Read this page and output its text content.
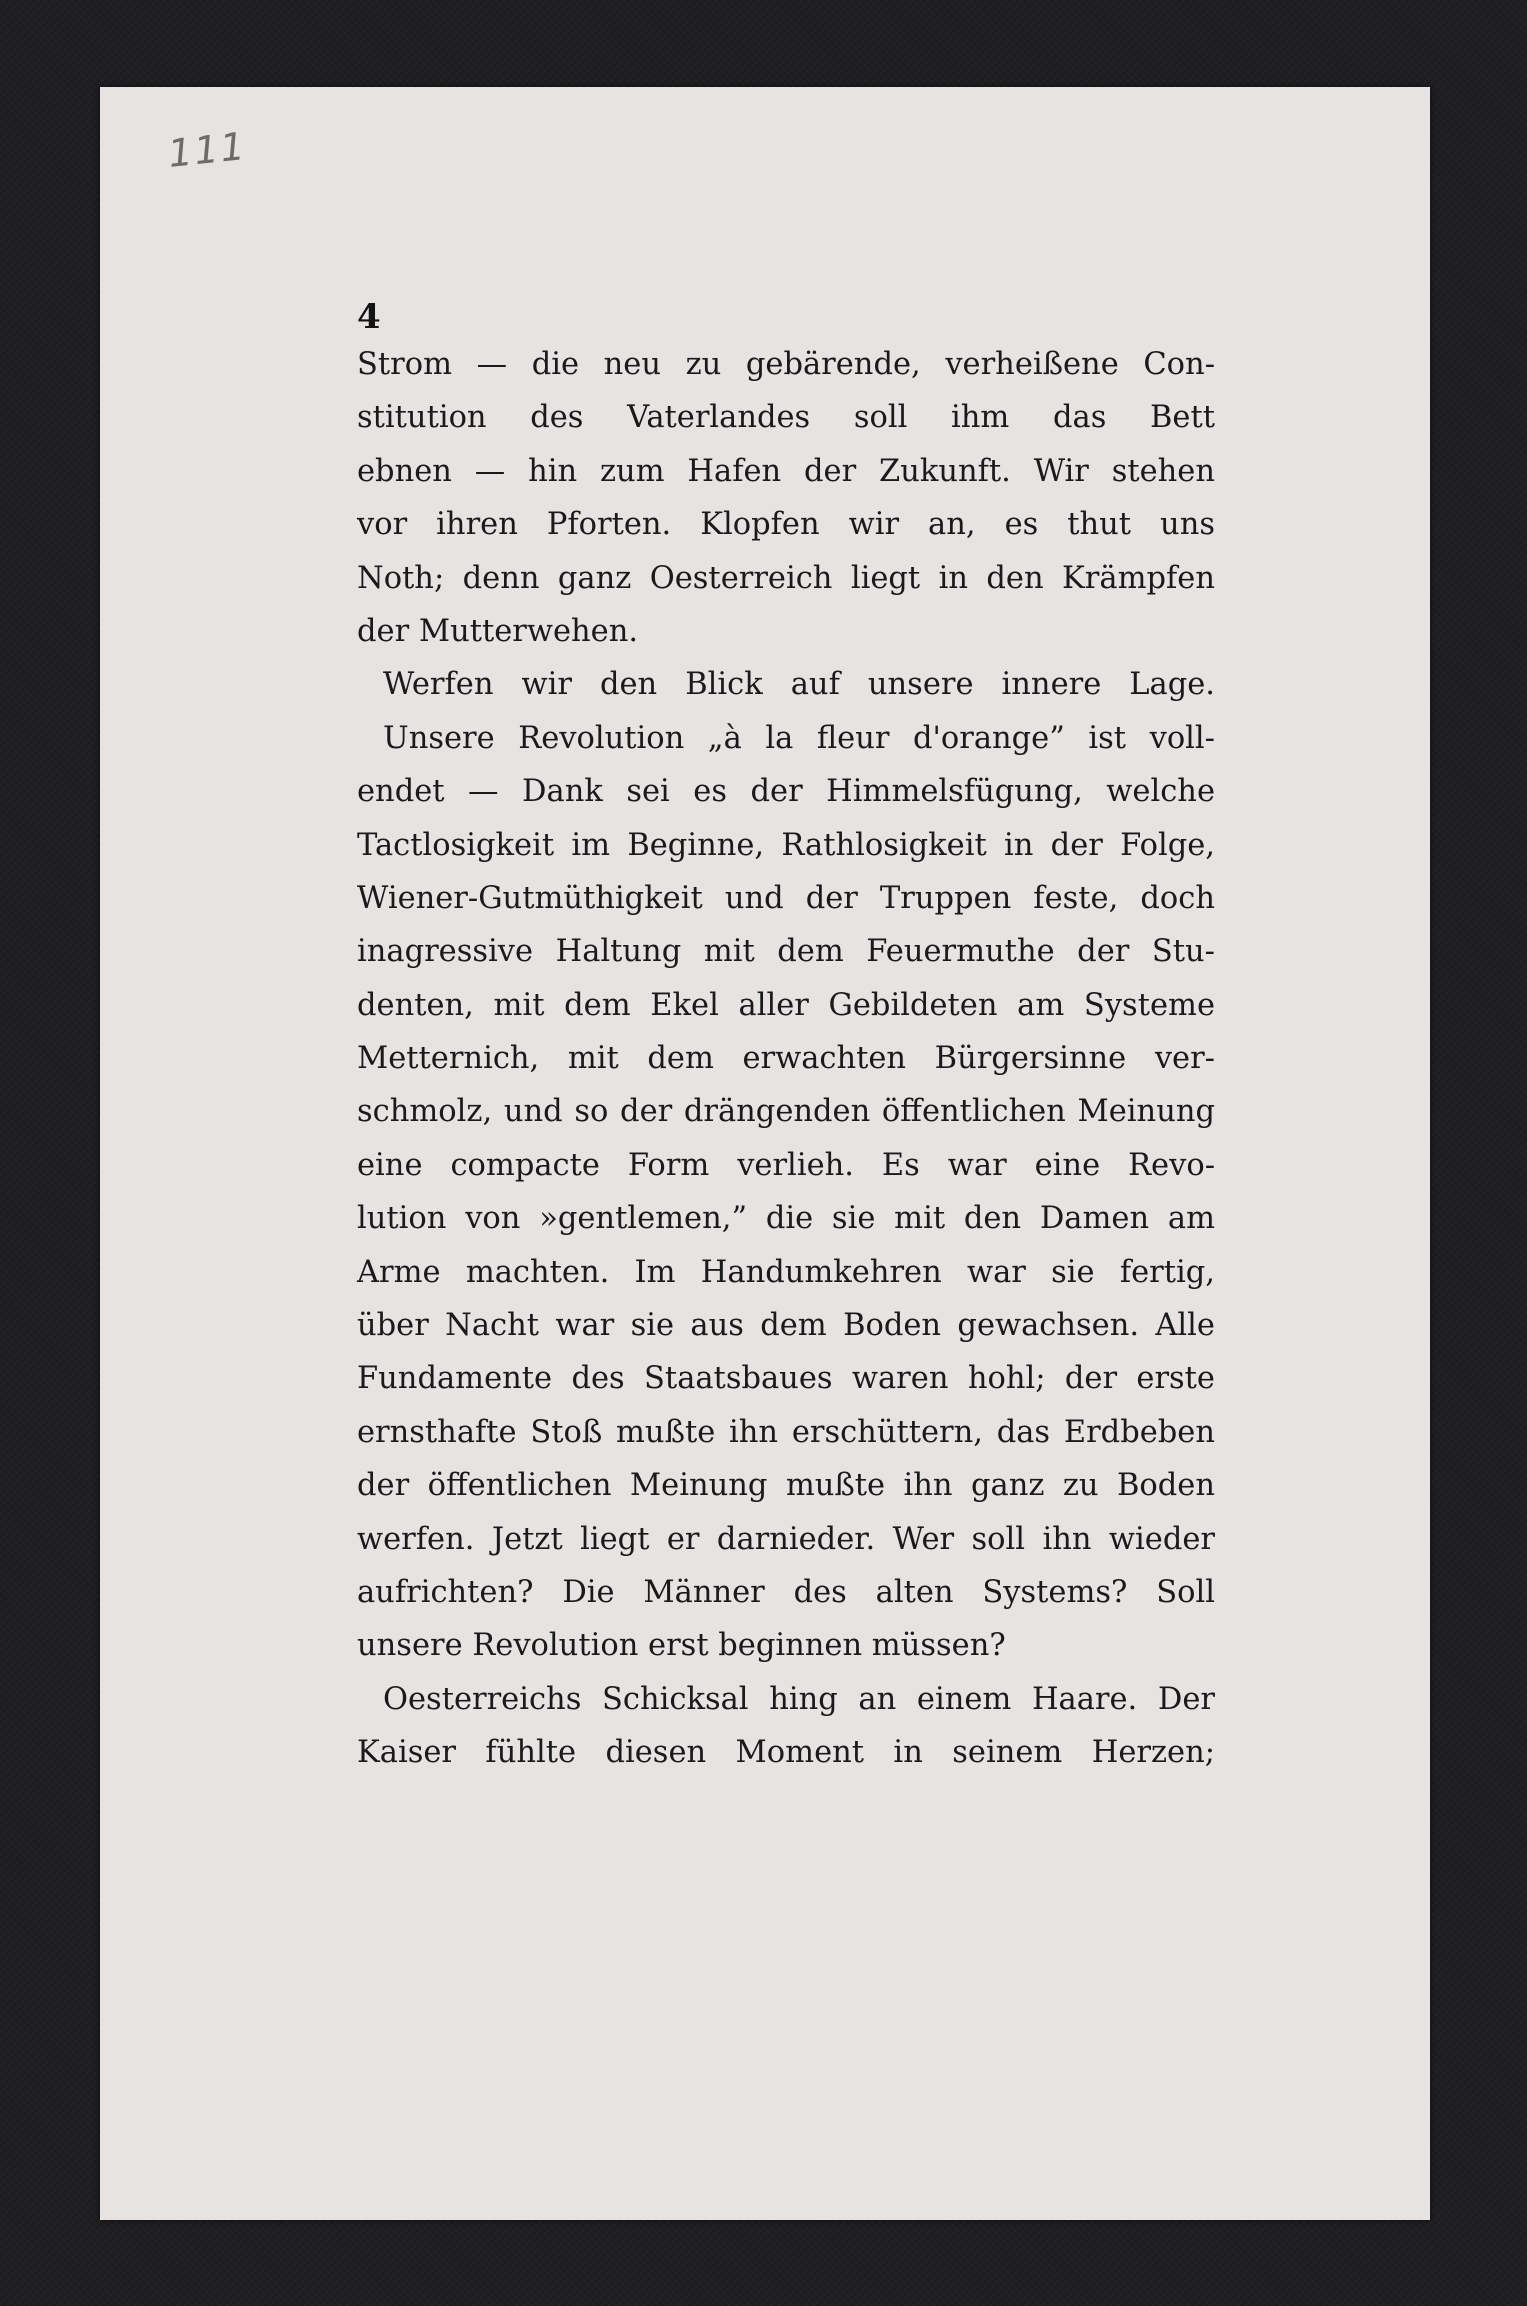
111
4
Strom — die neu zu gebärende, verheißene Con-
stitution des Vaterlandes soll ihm das Bett
ebnen — hin zum Hafen der Zukunft. Wir stehen
vor ihren Pforten. Klopfen wir an, es thut uns
Noth; denn ganz Oesterreich liegt in den Krämpfen
der Mutterwehen.
Werfen wir den Blick auf unsere innere Lage.
Unsere Revolution „à la fleur d'orange” ist voll-
endet — Dank sei es der Himmelsfügung, welche
Tactlosigkeit im Beginne, Rathlosigkeit in der Folge,
Wiener-Gutmüthigkeit und der Truppen feste, doch
inagressive Haltung mit dem Feuermuthe der Stu-
denten, mit dem Ekel aller Gebildeten am Systeme
Metternich, mit dem erwachten Bürgersinne ver-
schmolz, und so der drängenden öffentlichen Meinung
eine compacte Form verlieh. Es war eine Revo-
lution von »gentlemen,” die sie mit den Damen am
Arme machten. Im Handumkehren war sie fertig,
über Nacht war sie aus dem Boden gewachsen. Alle
Fundamente des Staatsbaues waren hohl; der erste
ernsthafte Stoß mußte ihn erschüttern, das Erdbeben
der öffentlichen Meinung mußte ihn ganz zu Boden
werfen. Jetzt liegt er darnieder. Wer soll ihn wieder
aufrichten? Die Männer des alten Systems? Soll
unsere Revolution erst beginnen müssen?
Oesterreichs Schicksal hing an einem Haare. Der
Kaiser fühlte diesen Moment in seinem Herzen;
